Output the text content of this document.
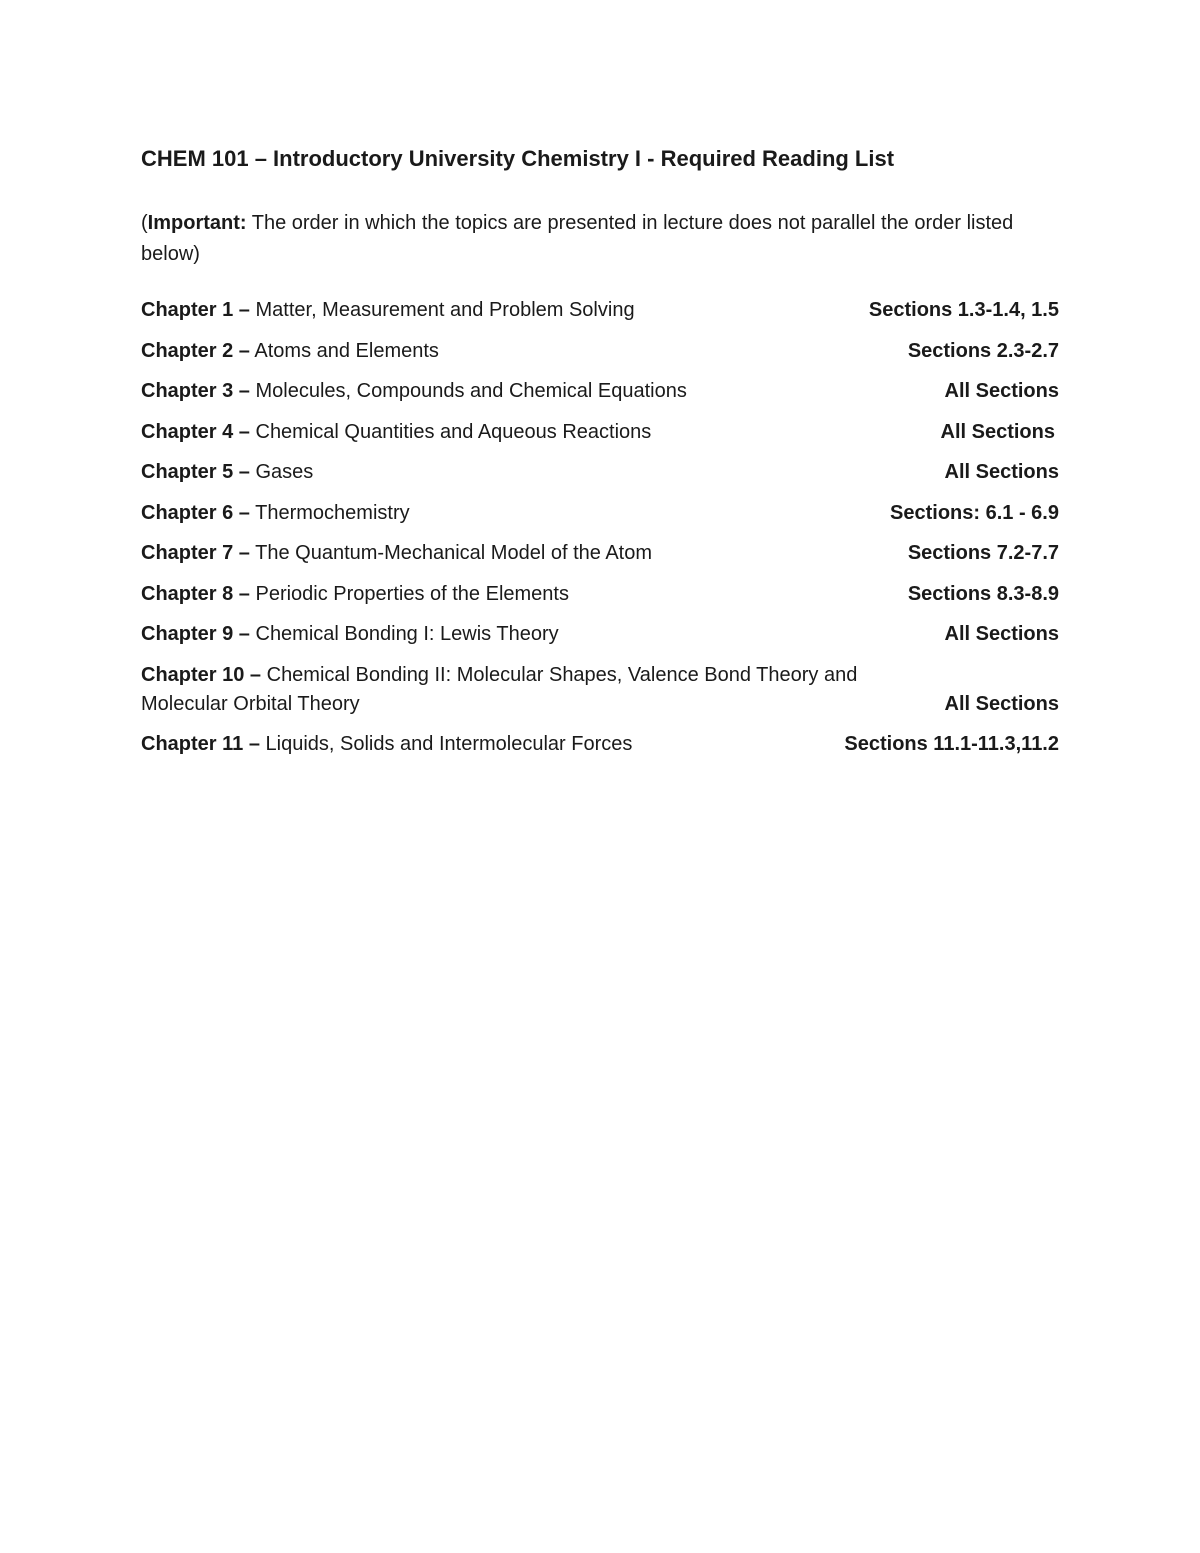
CHEM 101 – Introductory University Chemistry I - Required Reading List
(Important: The order in which the topics are presented in lecture does not parallel the order listed below)
Chapter 1 – Matter, Measurement and Problem Solving	Sections 1.3-1.4, 1.5
Chapter 2 – Atoms and Elements	Sections 2.3-2.7
Chapter 3 – Molecules, Compounds and Chemical Equations	All Sections
Chapter 4 – Chemical Quantities and Aqueous Reactions	All Sections
Chapter 5 – Gases	All Sections
Chapter 6 – Thermochemistry	Sections: 6.1 - 6.9
Chapter 7 – The Quantum-Mechanical Model of the Atom	Sections 7.2-7.7
Chapter 8 – Periodic Properties of the Elements	Sections 8.3-8.9
Chapter 9 – Chemical Bonding I: Lewis Theory	All Sections
Chapter 10 – Chemical Bonding II: Molecular Shapes, Valence Bond Theory and Molecular Orbital Theory	All Sections
Chapter 11 – Liquids, Solids and Intermolecular Forces	Sections 11.1-11.3,11.2
